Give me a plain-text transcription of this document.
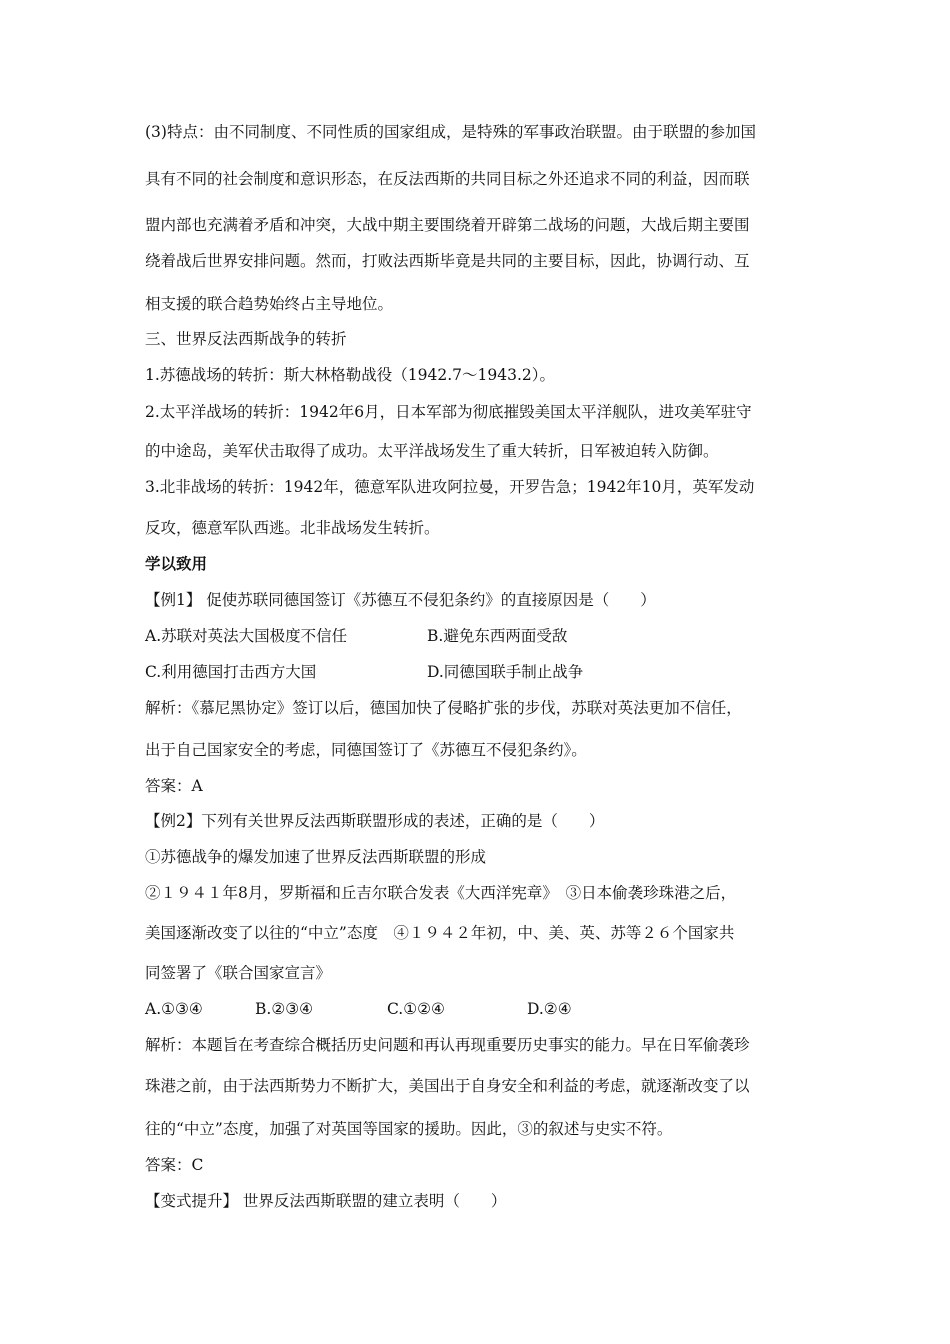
(3)特点：由不同制度、不同性质的国家组成，是特殊的军事政治联盟。由于联盟的参加国
具有不同的社会制度和意识形态，在反法西斯的共同目标之外还追求不同的利益，因而联
盟内部也充满着矛盾和冲突，大战中期主要围绕着开辟第二战场的问题，大战后期主要围
绕着战后世界安排问题。然而，打败法西斯毕竟是共同的主要目标，因此，协调行动、互
相支援的联合趋势始终占主导地位。
三、世界反法西斯战争的转折
1.苏德战场的转折：斯大林格勒战役（1942.7～1943.2）。
2.太平洋战场的转折：1942年6月，日本军部为彻底摧毁美国太平洋舰队，进攻美军驻守
的中途岛，美军伏击取得了成功。太平洋战场发生了重大转折，日军被迫转入防御。
3.北非战场的转折：1942年，德意军队进攻阿拉曼，开罗告急；1942年10月，英军发动
反攻，德意军队西逃。北非战场发生转折。
学以致用
【例1】 促使苏联同德国签订《苏德互不侵犯条约》的直接原因是（　　）
A.苏联对英法大国极度不信任	B.避免东西两面受敌
C.利用德国打击西方大国	D.同德国联手制止战争
解析：《慕尼黑协定》签订以后，德国加快了侵略扩张的步伐，苏联对英法更加不信任，
出于自己国家安全的考虑，同德国签订了《苏德互不侵犯条约》。
答案：A
【例2】下列有关世界反法西斯联盟形成的表述，正确的是（　　）
①苏德战争的爆发加速了世界反法西斯联盟的形成
②１９４１年8月，罗斯福和丘吉尔联合发表《大西洋宪章》　③日本偷袭珍珠港之后，
美国逐渐改变了以往的“中立”态度　④１９４２年初，中、美、英、苏等２６个国家共
同签署了《联合国家宣言》
A.①③④	B.②③④	C.①②④	D.②④
解析：本题旨在考查综合概括历史问题和再认再现重要历史事实的能力。早在日军偷袭珍
珠港之前，由于法西斯势力不断扩大，美国出于自身安全和利益的考虑，就逐渐改变了以
往的“中立”态度，加强了对英国等国家的援助。因此，③的叙述与史实不符。
答案：C
【变式提升】 世界反法西斯联盟的建立表明（　　）
